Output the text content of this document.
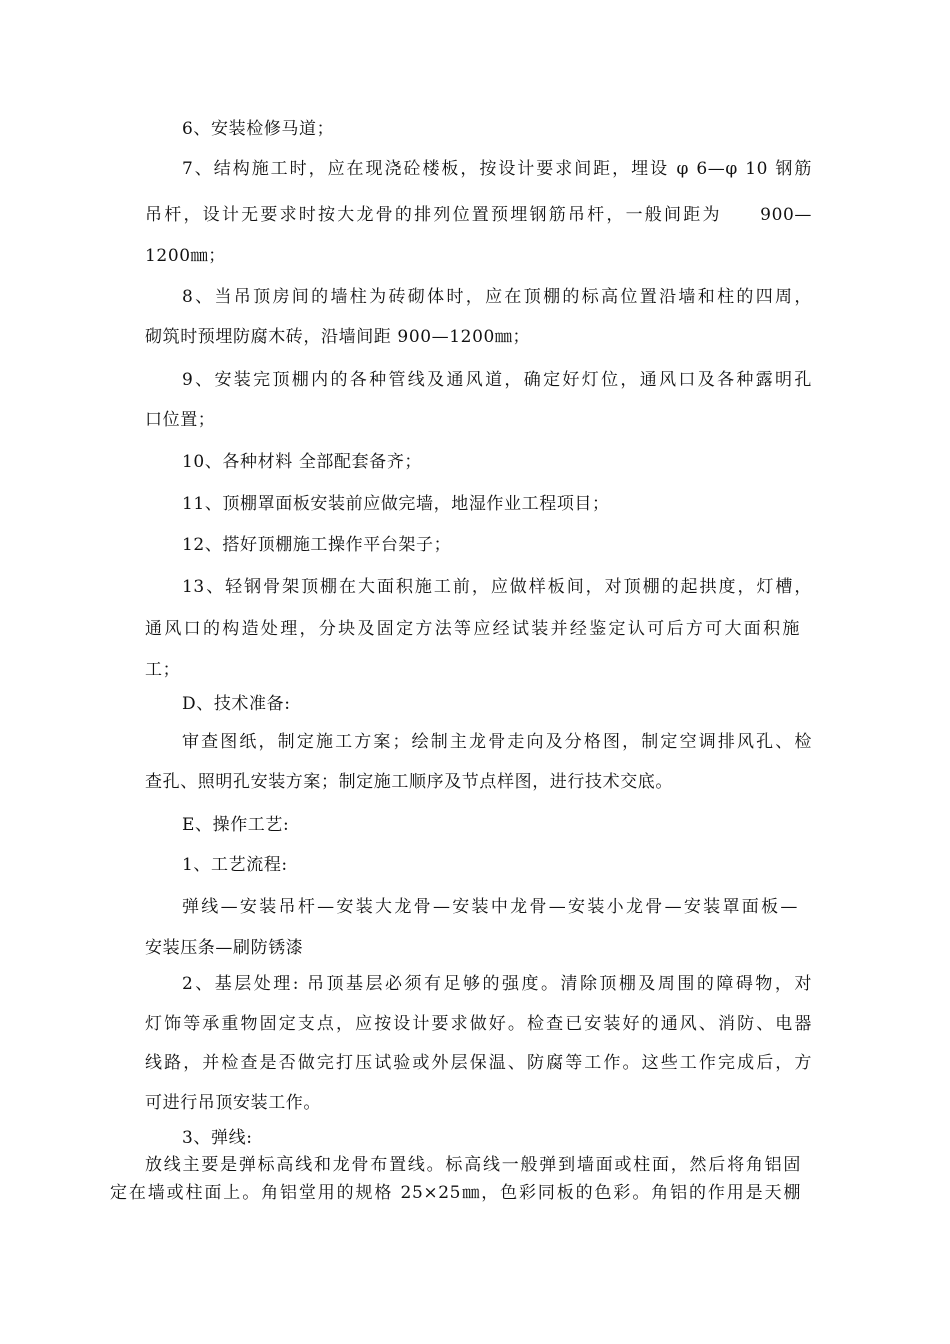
6、安装检修马道；
7、结构施工时，应在现浇砼楼板，按设计要求间距，埋设 φ 6—φ 10 钢筋
吊杆，设计无要求时按大龙骨的排列位置预埋钢筋吊杆，一般间距为　　900—
1200㎜；
8、当吊顶房间的墙柱为砖砌体时，应在顶棚的标高位置沿墙和柱的四周，
砌筑时预埋防腐木砖，沿墙间距 900—1200㎜；
9、安装完顶棚内的各种管线及通风道，确定好灯位，通风口及各种露明孔
口位置；
10、各种材料 全部配套备齐；
11、顶棚罩面板安装前应做完墙，地湿作业工程项目；
12、搭好顶棚施工操作平台架子；
13、轻钢骨架顶棚在大面积施工前，应做样板间，对顶棚的起拱度，灯槽，
通风口的构造处理，分块及固定方法等应经试装并经鉴定认可后方可大面积施
工；
D、技术准备:
审查图纸，制定施工方案；绘制主龙骨走向及分格图，制定空调排风孔、检
查孔、照明孔安装方案；制定施工顺序及节点样图，进行技术交底。
E、操作工艺:
1、工艺流程:
弹线—安装吊杆—安装大龙骨—安装中龙骨—安装小龙骨—安装罩面板—
安装压条—刷防锈漆
2、基层处理: 吊顶基层必须有足够的强度。清除顶棚及周围的障碍物，对
灯饰等承重物固定支点，应按设计要求做好。检查已安装好的通风、消防、电器
线路，并检查是否做完打压试验或外层保温、防腐等工作。这些工作完成后，方
可进行吊顶安装工作。
3、弹线:
放线主要是弹标高线和龙骨布置线。标高线一般弹到墙面或柱面，然后将角铝固
定在墙或柱面上。角铝堂用的规格 25×25㎜，色彩同板的色彩。角铝的作用是天棚
